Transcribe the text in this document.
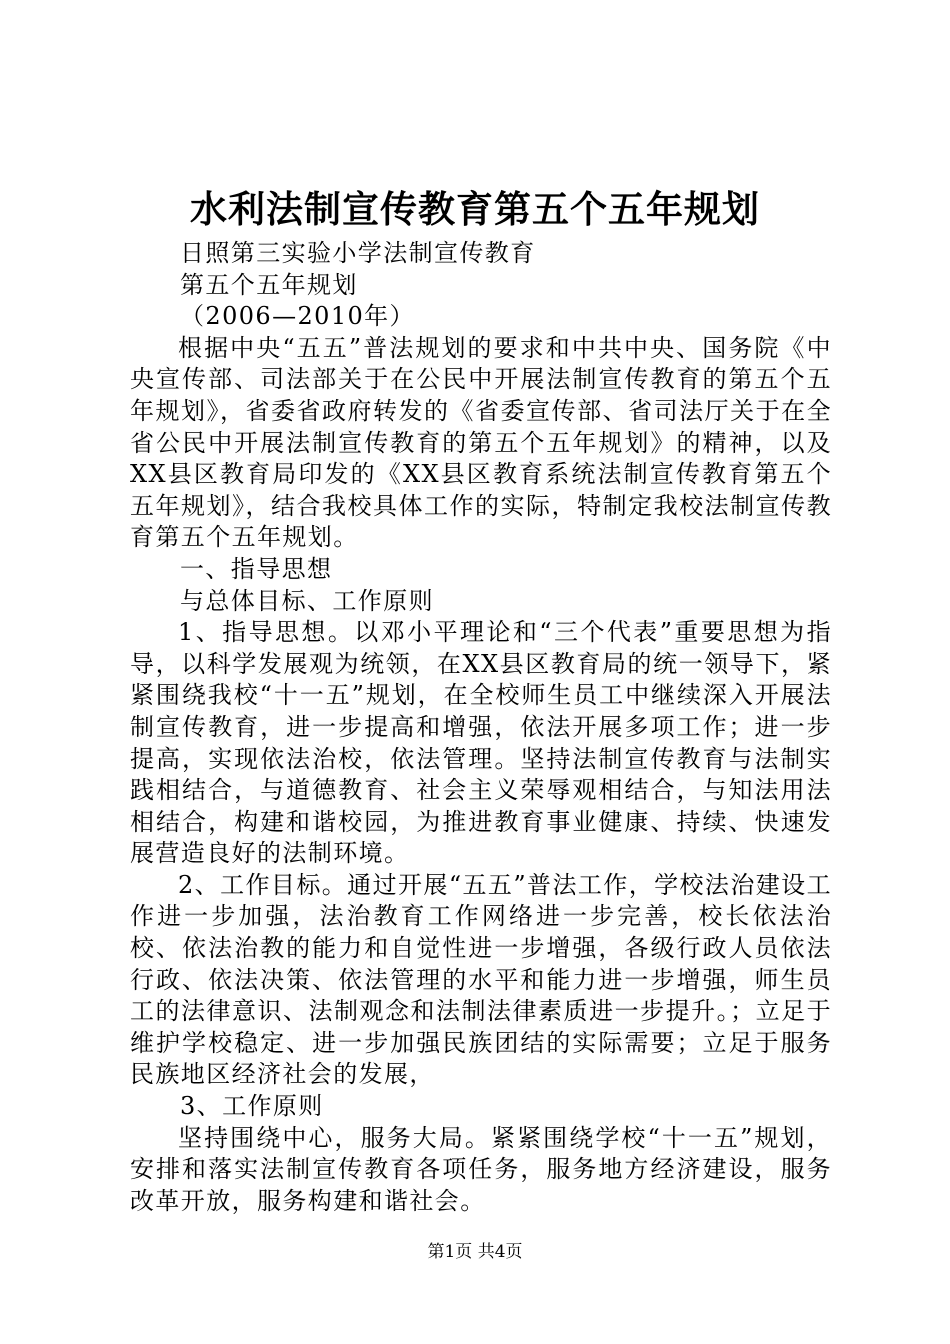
水利法制宣传教育第五个五年规划

日照第三实验小学法制宣传教育

第五个五年规划

（2006—2010年）

根据中央“五五”普法规划的要求和中共中央、国务院《中央宣传部、司法部关于在公民中开展法制宣传教育的第五个五年规划》，省委省政府转发的《省委宣传部、省司法厅关于在全省公民中开展法制宣传教育的第五个五年规划》的精神，以及XX县区教育局印发的《XX县区教育系统法制宣传教育第五个五年规划》，结合我校具体工作的实际，特制定我校法制宣传教育第五个五年规划。

一、指导思想

与总体目标、工作原则

1、指导思想。以邓小平理论和“三个代表”重要思想为指导，以科学发展观为统领，在XX县区教育局的统一领导下，紧紧围绕我校“十一五”规划，在全校师生员工中继续深入开展法制宣传教育，进一步提高和增强，依法开展多项工作；进一步提高，实现依法治校，依法管理。坚持法制宣传教育与法制实践相结合，与道德教育、社会主义荣辱观相结合，与知法用法相结合，构建和谐校园，为推进教育事业健康、持续、快速发展营造良好的法制环境。

2、工作目标。通过开展“五五”普法工作，学校法治建设工作进一步加强，法治教育工作网络进一步完善，校长依法治校、依法治教的能力和自觉性进一步增强，各级行政人员依法行政、依法决策、依法管理的水平和能力进一步增强，师生员工的法律意识、法制观念和法制法律素质进一步提升。；立足于维护学校稳定、进一步加强民族团结的实际需要；立足于服务民族地区经济社会的发展，

3、工作原则

坚持围绕中心，服务大局。紧紧围绕学校“十一五”规划，安排和落实法制宣传教育各项任务，服务地方经济建设，服务改革开放，服务构建和谐社会。

第1页 共4页
